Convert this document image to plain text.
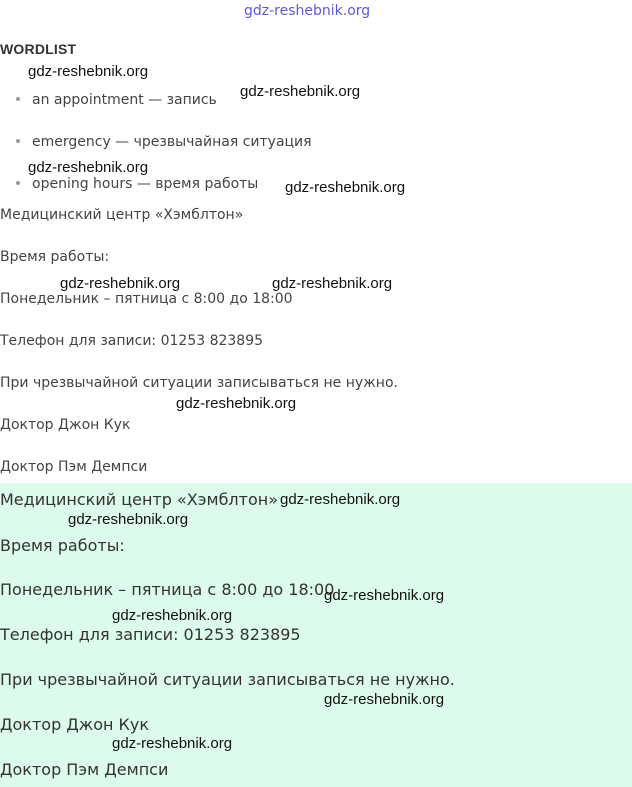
gdz-reshebnik.org
WORDLIST
an appointment — запись
emergency — чрезвычайная ситуация
opening hours — время работы
Медицинский центр «Хэмблтон»
Время работы:
Понедельник – пятница с 8:00 до 18:00
Телефон для записи: 01253 823895
При чрезвычайной ситуации записываться не нужно.
Доктор Джон Кук
Доктор Пэм Демпси
Медицинский центр «Хэмблтон»
Время работы:
Понедельник – пятница с 8:00 до 18:00
Телефон для записи: 01253 823895
При чрезвычайной ситуации записываться не нужно.
Доктор Джон Кук
Доктор Пэм Демпси
gdz-reshebnik.org
gdz-reshebnik.org
gdz-reshebnik.org
gdz-reshebnik.org
gdz-reshebnik.org	gdz-reshebnik.org
gdz-reshebnik.org
gdz-reshebnik.org
gdz-reshebnik.org
gdz-reshebnik.org
gdz-reshebnik.org
gdz-reshebnik.org
gdz-reshebnik.org
